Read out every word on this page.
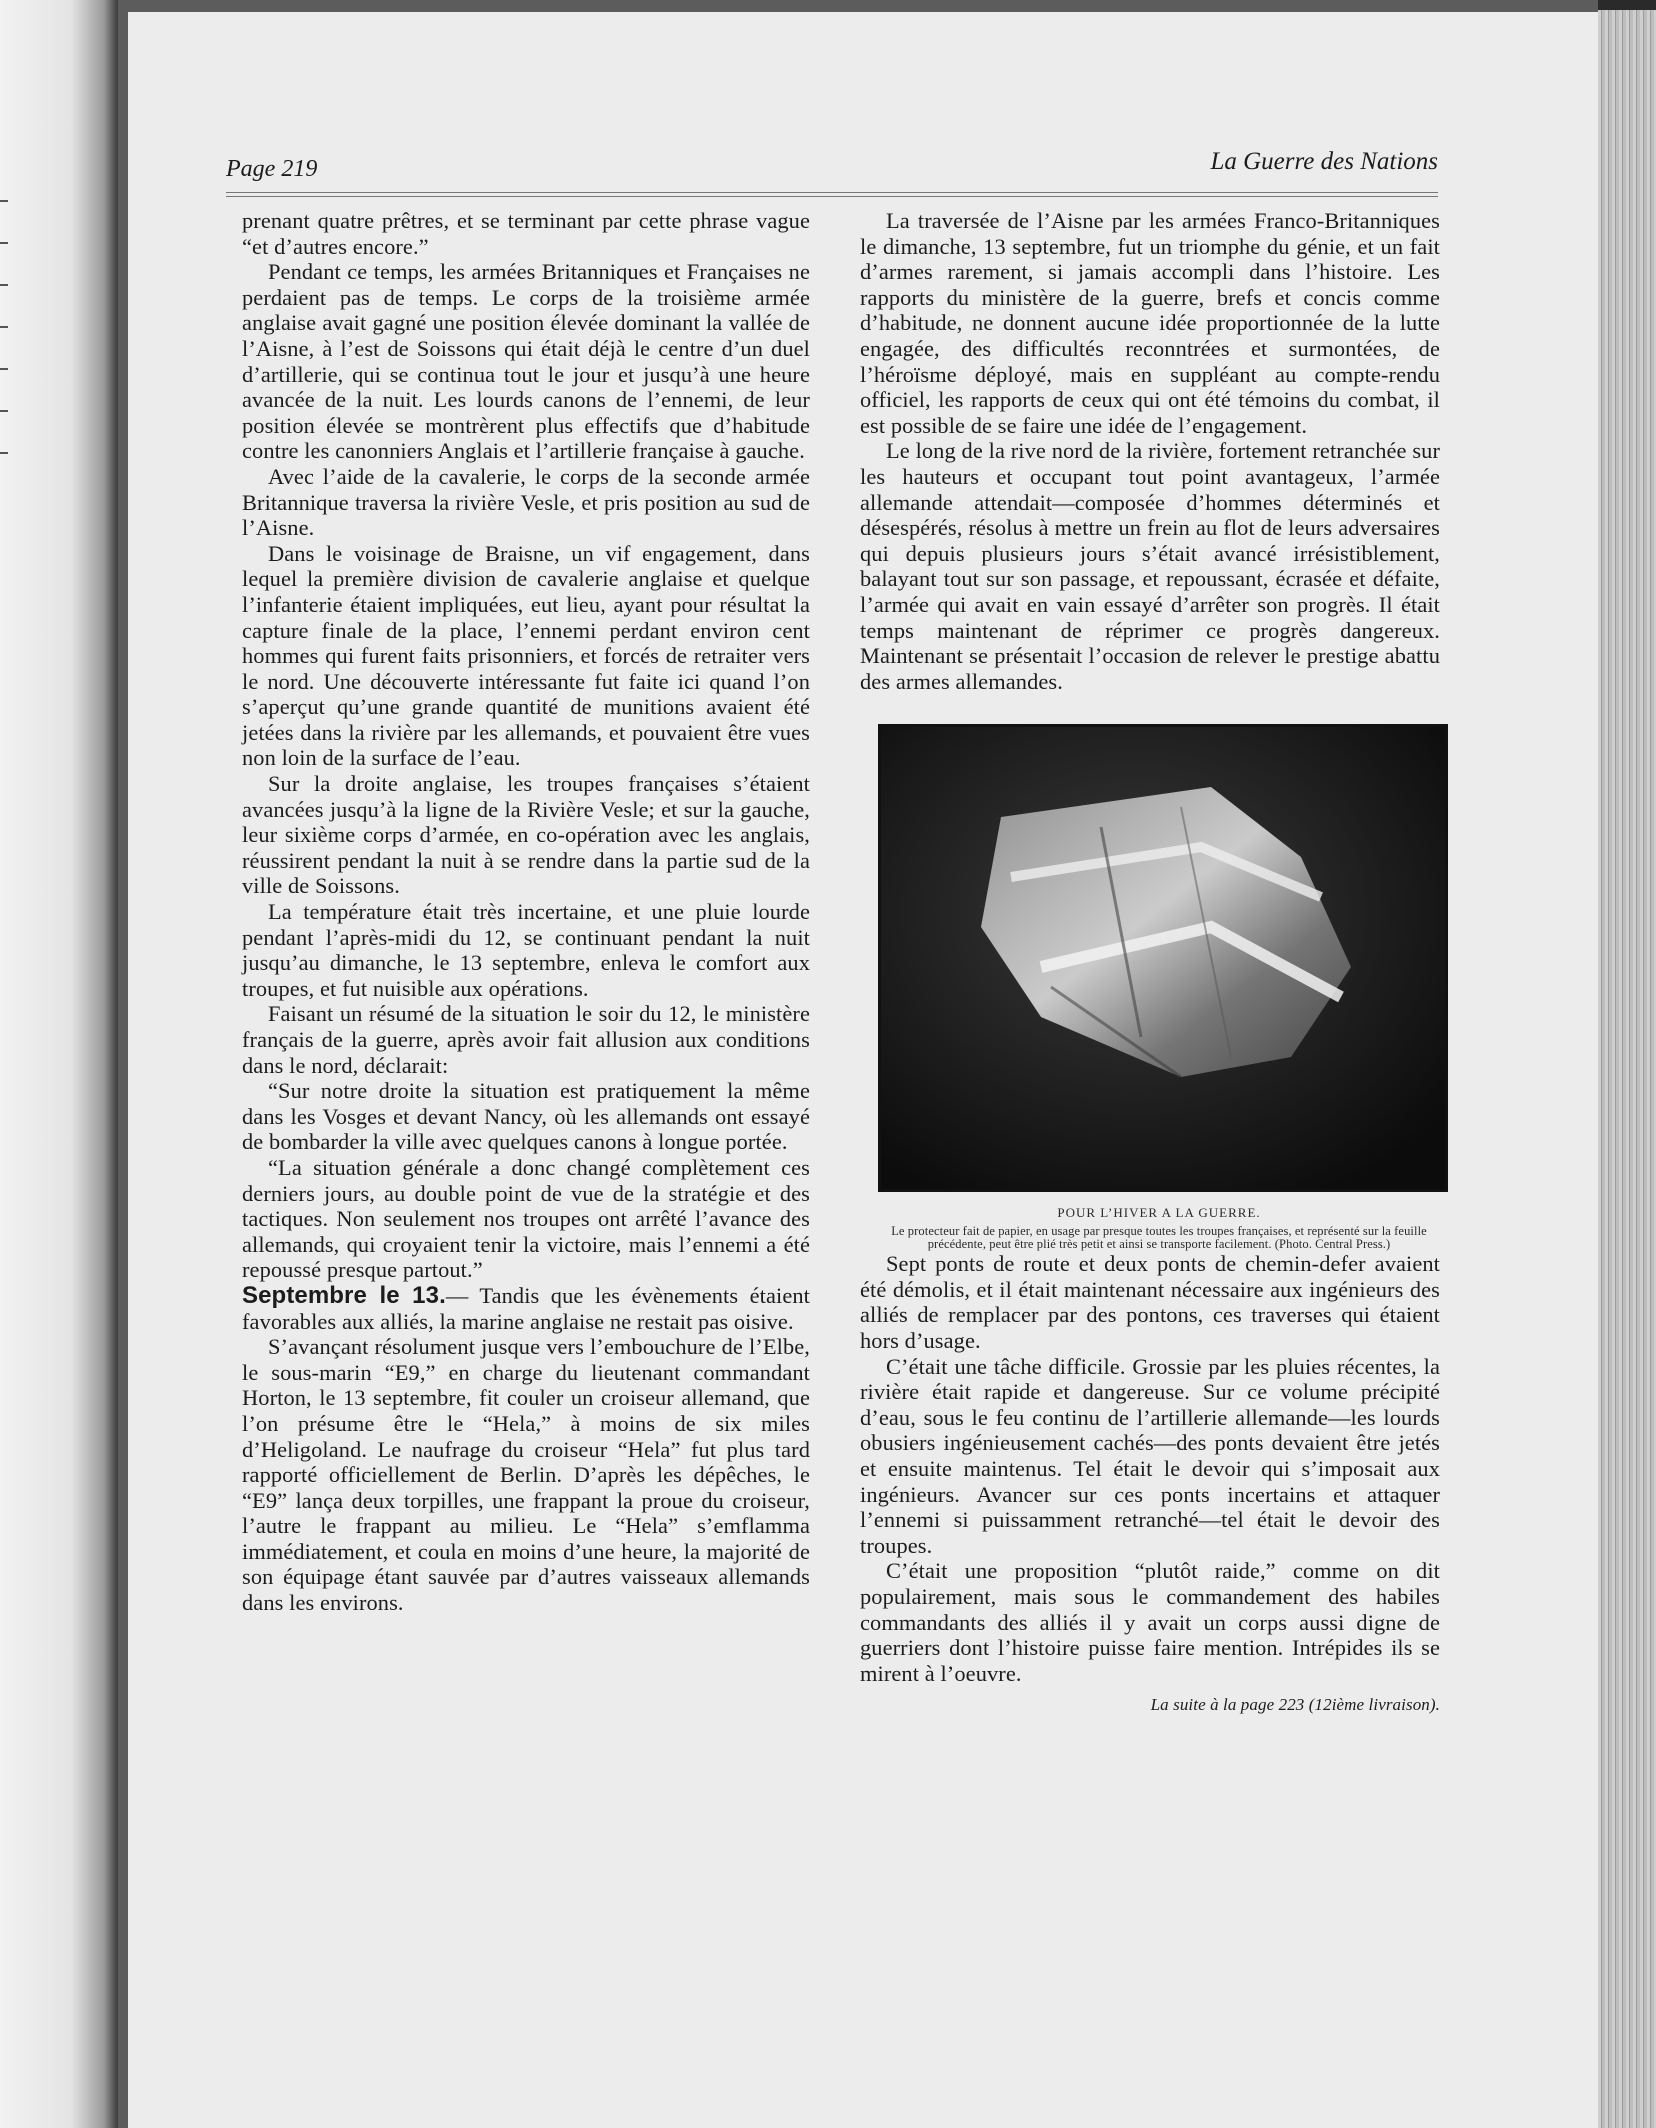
Page 219	La Guerre des Nations

prenant quatre prêtres, et se terminant par cette phrase vague “et d’autres encore.”

Pendant ce temps, les armées Britanniques et Françaises ne perdaient pas de temps. Le corps de la troisième armée anglaise avait gagné une position élevée dominant la vallée de l’Aisne, à l’est de Soissons qui était déjà le centre d’un duel d’artillerie, qui se continua tout le jour et jusqu’à une heure avancée de la nuit. Les lourds canons de l’ennemi, de leur position élevée se montrèrent plus effectifs que d’habitude contre les canonniers Anglais et l’artillerie française à gauche.

Avec l’aide de la cavalerie, le corps de la seconde armée Britannique traversa la rivière Vesle, et pris position au sud de l’Aisne.

Dans le voisinage de Braisne, un vif engagement, dans lequel la première division de cavalerie anglaise et quelque l’infanterie étaient impliquées, eut lieu, ayant pour résultat la capture finale de la place, l’ennemi perdant environ cent hommes qui furent faits prisonniers, et forcés de retraiter vers le nord. Une découverte intéressante fut faite ici quand l’on s’aperçut qu’une grande quantité de munitions avaient été jetées dans la rivière par les allemands, et pouvaient être vues non loin de la surface de l’eau.

Sur la droite anglaise, les troupes françaises s’étaient avancées jusqu’à la ligne de la Rivière Vesle; et sur la gauche, leur sixième corps d’armée, en co-opération avec les anglais, réussirent pendant la nuit à se rendre dans la partie sud de la ville de Soissons.

La température était très incertaine, et une pluie lourde pendant l’après-midi du 12, se continuant pendant la nuit jusqu’au dimanche, le 13 septembre, enleva le comfort aux troupes, et fut nuisible aux opérations.

Faisant un résumé de la situation le soir du 12, le ministère français de la guerre, après avoir fait allusion aux conditions dans le nord, déclarait:

“Sur notre droite la situation est pratiquement la même dans les Vosges et devant Nancy, où les allemands ont essayé de bombarder la ville avec quelques canons à longue portée.

“La situation générale a donc changé complètement ces derniers jours, au double point de vue de la stratégie et des tactiques. Non seulement nos troupes ont arrêté l’avance des allemands, qui croyaient tenir la victoire, mais l’ennemi a été repoussé presque partout.”

Septembre le 13.— Tandis que les évènements étaient favorables aux alliés, la marine anglaise ne restait pas oisive.

S’avançant résolument jusque vers l’embouchure de l’Elbe, le sous-marin “E9,” en charge du lieutenant commandant Horton, le 13 septembre, fit couler un croiseur allemand, que l’on présume être le “Hela,” à moins de six miles d’Heligoland. Le naufrage du croiseur “Hela” fut plus tard rapporté officiellement de Berlin. D’après les dépêches, le “E9” lança deux torpilles, une frappant la proue du croiseur, l’autre le frappant au milieu. Le “Hela” s’emflamma immédiatement, et coula en moins d’une heure, la majorité de son équipage étant sauvée par d’autres vaisseaux allemands dans les environs.

La traversée de l’Aisne par les armées Franco-Britanniques le dimanche, 13 septembre, fut un triomphe du génie, et un fait d’armes rarement, si jamais accompli dans l’histoire. Les rapports du ministère de la guerre, brefs et concis comme d’habitude, ne donnent aucune idée proportionnée de la lutte engagée, des difficultés reconntrées et surmontées, de l’héroïsme déployé, mais en suppléant au compte-rendu officiel, les rapports de ceux qui ont été témoins du combat, il est possible de se faire une idée de l’engagement.

Le long de la rive nord de la rivière, fortement retranchée sur les hauteurs et occupant tout point avantageux, l’armée allemande attendait—composée d’hommes déterminés et désespérés, résolus à mettre un frein au flot de leurs adversaires qui depuis plusieurs jours s’était avancé irrésistiblement, balayant tout sur son passage, et repoussant, écrasée et défaite, l’armée qui avait en vain essayé d’arrêter son progrès. Il était temps maintenant de réprimer ce progrès dangereux. Maintenant se présentait l’occasion de relever le prestige abattu des armes allemandes.

POUR L’HIVER A LA GUERRE.
Le protecteur fait de papier, en usage par presque toutes les troupes françaises, et représenté sur la feuille précédente, peut être plié très petit et ainsi se transporte facilement. (Photo. Central Press.)

Sept ponts de route et deux ponts de chemin-defer avaient été démolis, et il était maintenant nécessaire aux ingénieurs des alliés de remplacer par des pontons, ces traverses qui étaient hors d’usage.

C’était une tâche difficile. Grossie par les pluies récentes, la rivière était rapide et dangereuse. Sur ce volume précipité d’eau, sous le feu continu de l’artillerie allemande—les lourds obusiers ingénieusement cachés—des ponts devaient être jetés et ensuite maintenus. Tel était le devoir qui s’imposait aux ingénieurs. Avancer sur ces ponts incertains et attaquer l’ennemi si puissamment retranché—tel était le devoir des troupes.

C’était une proposition “plutôt raide,” comme on dit populairement, mais sous le commandement des habiles commandants des alliés il y avait un corps aussi digne de guerriers dont l’histoire puisse faire mention. Intrépides ils se mirent à l’oeuvre.

La suite à la page 223 (12ième livraison).
